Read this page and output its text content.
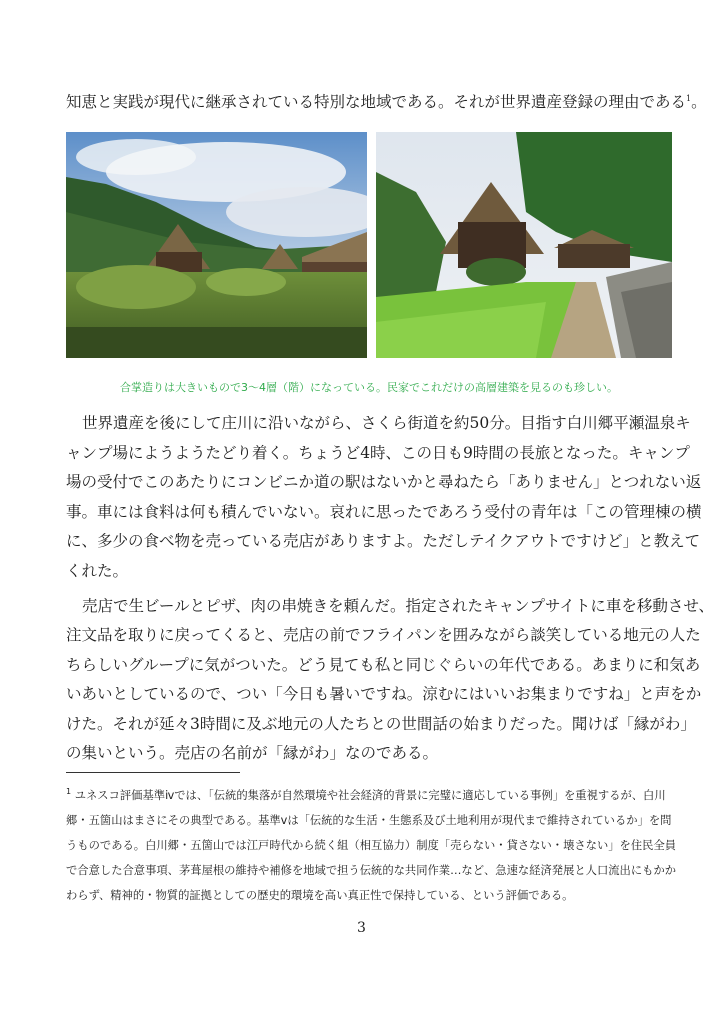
知恵と実践が現代に継承されている特別な地域である。それが世界遺産登録の理由である$^1$。
合掌造りは大きいもので3～4層（階）になっている。民家でこれだけの高層建築を見るのも珍しい。
世界遺産を後にして庄川に沿いながら、さくら街道を約50分。目指す白川郷平瀬温泉キ
ャンプ場にようようたどり着く。ちょうど4時、この日も9時間の長旅となった。キャンプ
場の受付でこのあたりにコンビニか道の駅はないかと尋ねたら「ありません」とつれない返
事。車には食料は何も積んでいない。哀れに思ったであろう受付の青年は「この管理棟の横
に、多少の食べ物を売っている売店がありますよ。ただしテイクアウトですけど」と教えて
くれた。
売店で生ビールとピザ、肉の串焼きを頼んだ。指定されたキャンプサイトに車を移動させ、
注文品を取りに戻ってくると、売店の前でフライパンを囲みながら談笑している地元の人た
ちらしいグループに気がついた。どう見ても私と同じぐらいの年代である。あまりに和気あ
いあいとしているので、つい「今日も暑いですね。涼むにはいいお集まりですね」と声をか
けた。それが延々3時間に及ぶ地元の人たちとの世間話の始まりだった。聞けば「縁がわ」
の集いという。売店の名前が「縁がわ」なのである。
$^1$ ユネスコ評価基準ⅳでは、「伝統的集落が自然環境や社会経済的背景に完璧に適応している事例」を重視するが、白川
郷・五箇山はまさにその典型である。基準ⅴは「伝統的な生活・生態系及び土地利用が現代まで維持されているか」を問
うものである。白川郷・五箇山では江戸時代から続く組（相互協力）制度「売らない・貸さない・壊さない」を住民全員
で合意した合意事項、茅葺屋根の維持や補修を地域で担う伝統的な共同作業…など、急速な経済発展と人口流出にもかか
わらず、精神的・物質的証拠としての歴史的環境を高い真正性で保持している、という評価である。
3
